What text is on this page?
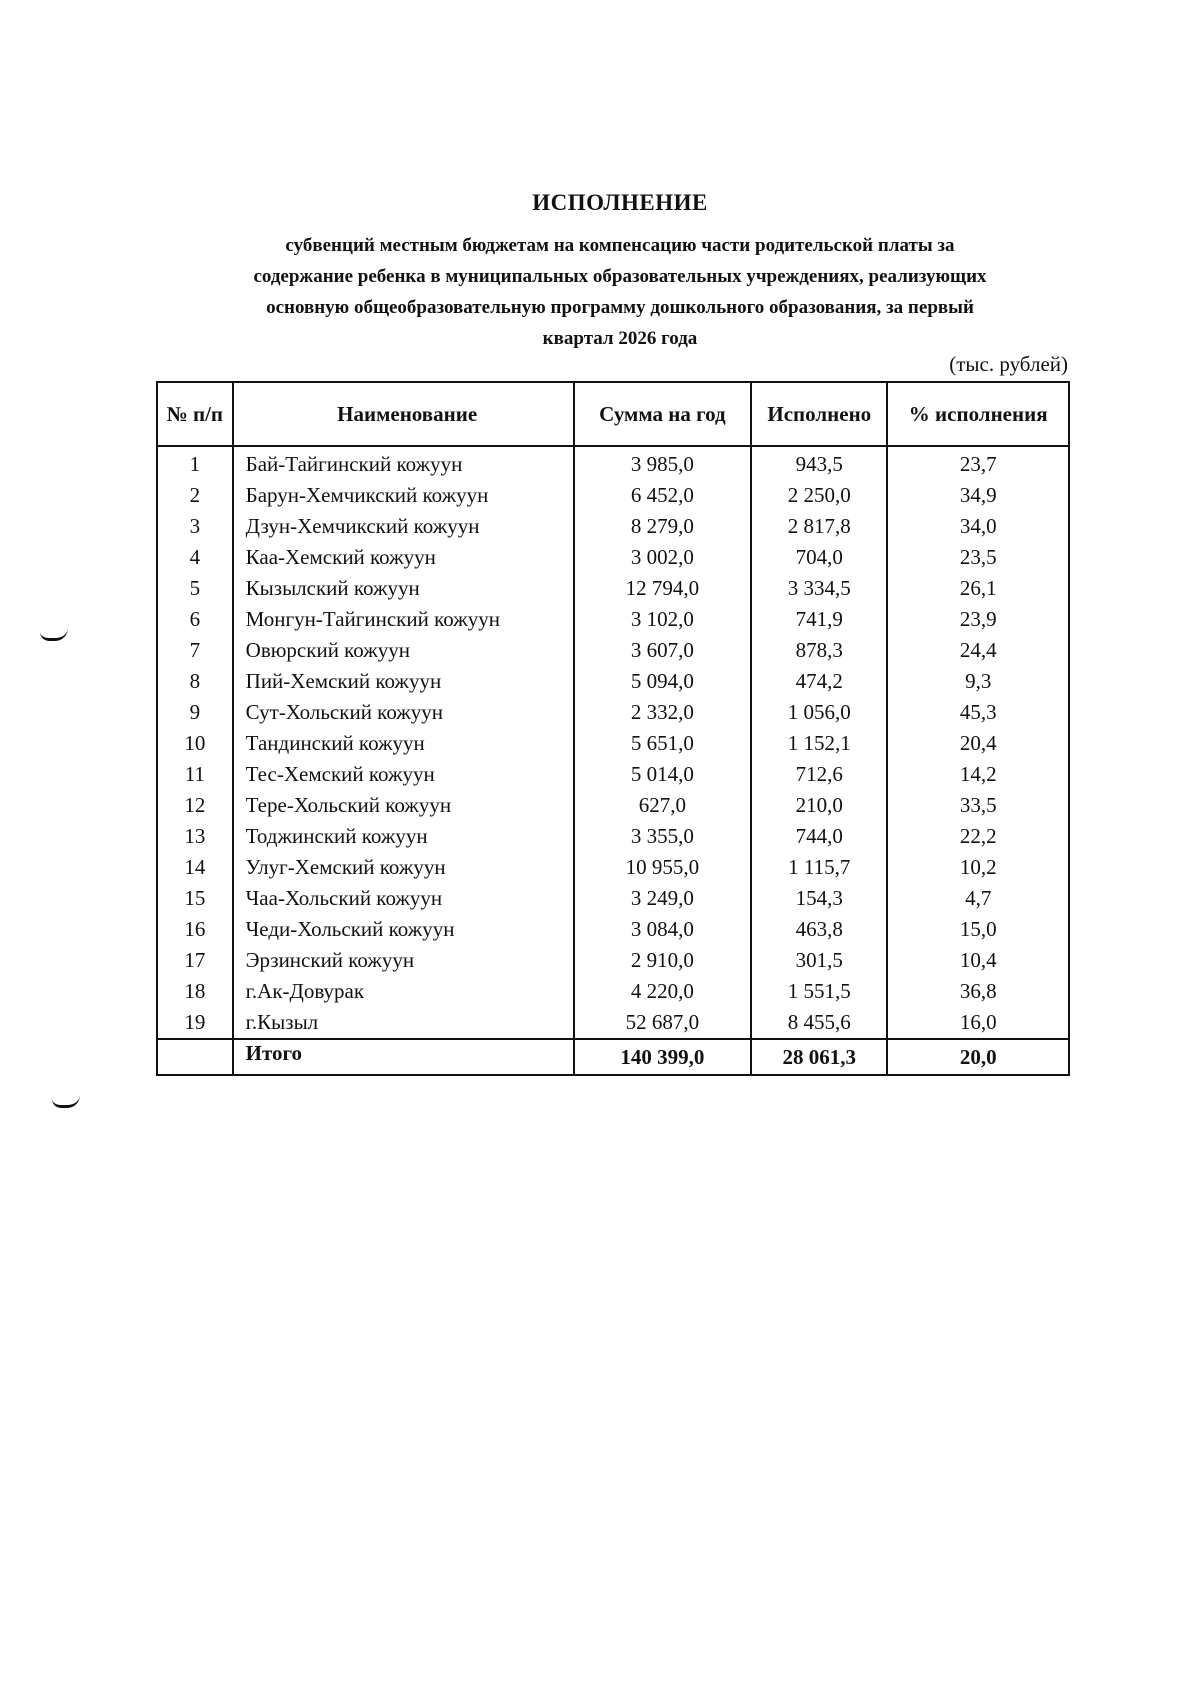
ИСПОЛНЕНИЕ
субвенций местным бюджетам на компенсацию части родительской платы за
содержание ребенка в муниципальных образовательных учреждениях, реализующих
основную общеобразовательную программу дошкольного образования, за первый
квартал 2026 года
(тыс. рублей)
№ п/п	Наименование	Сумма на год	Исполнено	% исполнения
1	Бай-Тайгинский кожуун	3 985,0	943,5	23,7
2	Барун-Хемчикский кожуун	6 452,0	2 250,0	34,9
3	Дзун-Хемчикский кожуун	8 279,0	2 817,8	34,0
4	Каа-Хемский кожуун	3 002,0	704,0	23,5
5	Кызылский кожуун	12 794,0	3 334,5	26,1
6	Монгун-Тайгинский кожуун	3 102,0	741,9	23,9
7	Овюрский кожуун	3 607,0	878,3	24,4
8	Пий-Хемский кожуун	5 094,0	474,2	9,3
9	Сут-Хольский кожуун	2 332,0	1 056,0	45,3
10	Тандинский кожуун	5 651,0	1 152,1	20,4
11	Тес-Хемский кожуун	5 014,0	712,6	14,2
12	Тере-Хольский кожуун	627,0	210,0	33,5
13	Тоджинский кожуун	3 355,0	744,0	22,2
14	Улуг-Хемский кожуун	10 955,0	1 115,7	10,2
15	Чаа-Хольский кожуун	3 249,0	154,3	4,7
16	Чеди-Хольский кожуун	3 084,0	463,8	15,0
17	Эрзинский кожуун	2 910,0	301,5	10,4
18	г.Ак-Довурак	4 220,0	1 551,5	36,8
19	г.Кызыл	52 687,0	8 455,6	16,0
	Итого	140 399,0	28 061,3	20,0
